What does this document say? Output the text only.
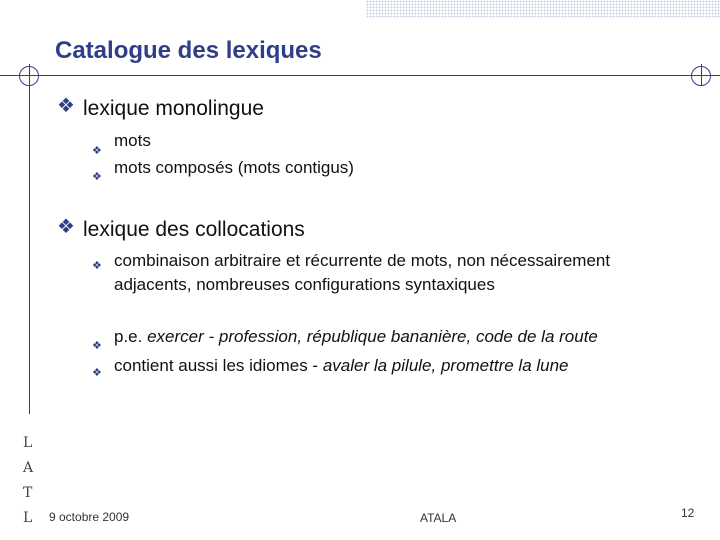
Catalogue des lexiques
❖ lexique monolingue

❖

mots

❖ mots composés (mots contigus)

❖ lexique des collocations

❖ combinaison arbitraire et récurrente de mots, non nécessairement adjacents, nombreuses configurations syntaxiques

❖ p.e. exercer - profession, république bananière, code de la route

❖ contient aussi les idiomes - avaler la pilule, promettre la lune

L
A
T
L 9 octobre 2009	ATALA	12
